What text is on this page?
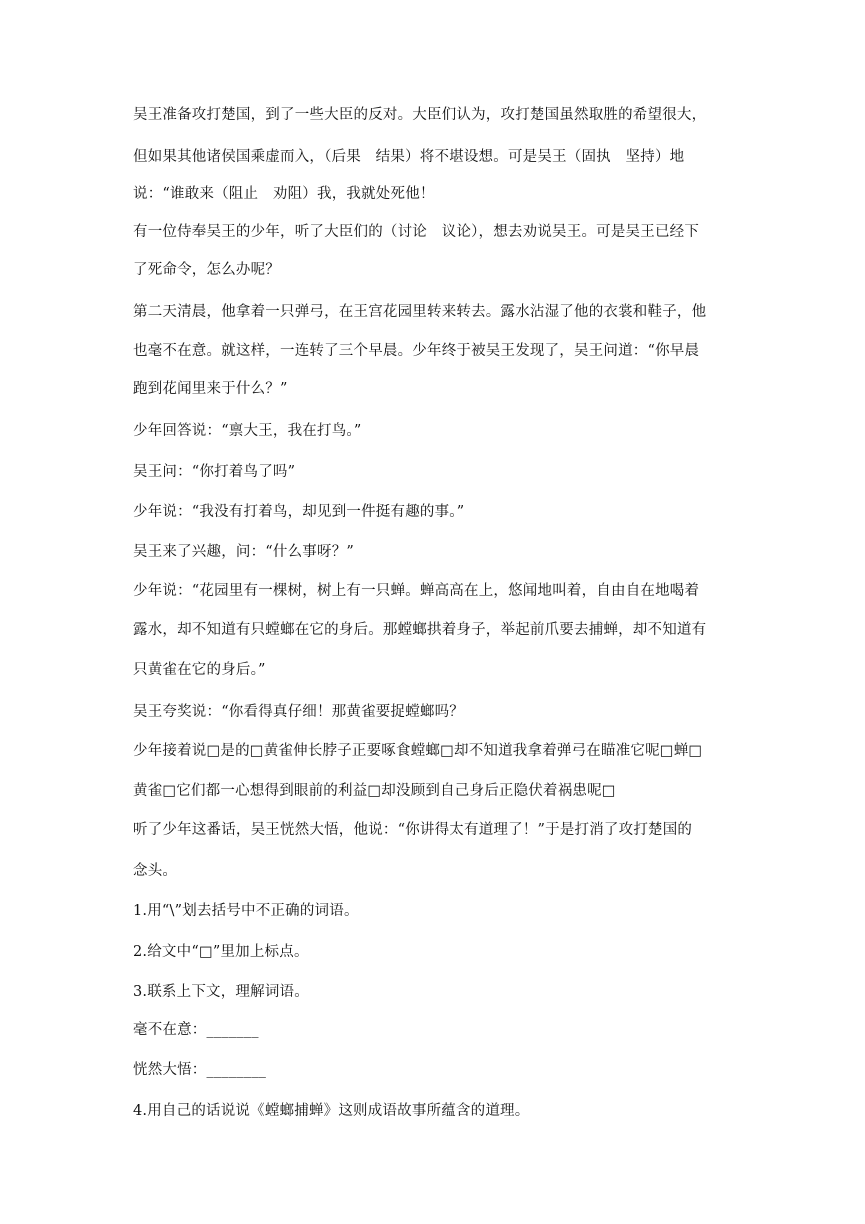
吴王准备攻打楚国，到了一些大臣的反对。大臣们认为，攻打楚国虽然取胜的希望很大，
但如果其他诸侯国乘虚而入，（后果　结果）将不堪设想。可是吴王（固执　坚持）地
说：“谁敢来（阻止　劝阻）我，我就处死他！
有一位侍奉吴王的少年，听了大臣们的（讨论　议论），想去劝说吴王。可是吴王已经下
了死命令，怎么办呢？
第二天清晨，他拿着一只弹弓，在王宫花园里转来转去。露水沾湿了他的衣裳和鞋子，他
也毫不在意。就这样，一连转了三个早晨。少年终于被吴王发现了，吴王问道：“你早晨
跑到花闻里来于什么？”
少年回答说：“禀大王，我在打鸟。”
吴王问：“你打着鸟了吗”
少年说：“我没有打着鸟，却见到一件挺有趣的事。”
吴王来了兴趣，问：“什么事呀？”
少年说：“花园里有一棵树，树上有一只蝉。蝉高高在上，悠闻地叫着，自由自在地喝着
露水，却不知道有只螳螂在它的身后。那螳螂拱着身子，举起前爪要去捕蝉，却不知道有
只黄雀在它的身后。”
吴王夸奖说：“你看得真仔细！那黄雀要捉螳螂吗？
少年接着说□是的□黄雀伸长脖子正要啄食螳螂□却不知道我拿着弹弓在瞄准它呢□蝉□
黄雀□它们都一心想得到眼前的利益□却没顾到自己身后正隐伏着祸患呢□
听了少年这番话，吴王恍然大悟，他说：“你讲得太有道理了！”于是打消了攻打楚国的
念头。
1.用“\”划去括号中不正确的词语。
2.给文中“□”里加上标点。
3.联系上下文，理解词语。
毫不在意：_______
恍然大悟：________
4.用自己的话说说《螳螂捕蝉》这则成语故事所蕴含的道理。
